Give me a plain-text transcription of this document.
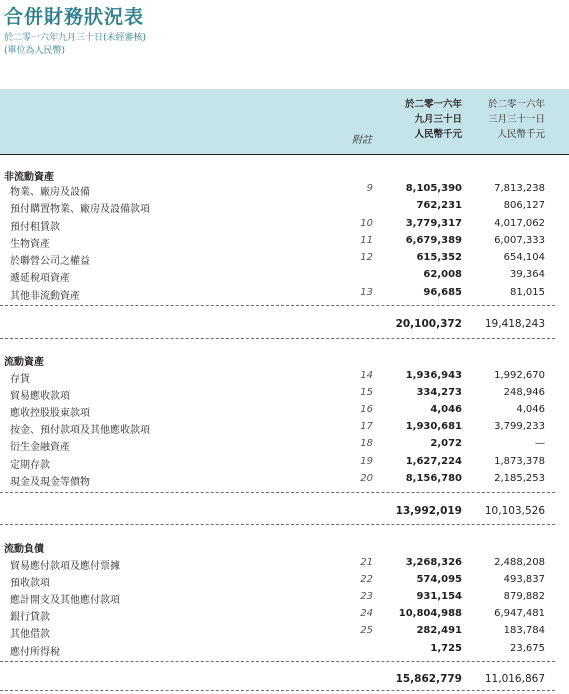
合併財務狀況表
於二零一六年九月三十日(未經審核)
(單位為人民幣)
附註
於二零一六年
九月三十日
人民幣千元
於二零一六年
三月三十一日
人民幣千元
非流動資產
物業、廠房及設備	9	8,105,390	7,813,238
預付購置物業、廠房及設備款項	762,231	806,127
預付租賃款	10	3,779,317	4,017,062
生物資產	11	6,679,389	6,007,333
於聯營公司之權益	12	615,352	654,104
遞延稅項資產	62,008	39,364
其他非流動資產	13	96,685	81,015
20,100,372 19,418,243
流動資產
存貨	14	1,936,943	1,992,670
貿易應收款項	15	334,273	248,946
應收控股股東款項	16	4,046	4,046
按金、預付款項及其他應收款項	17	1,930,681	3,799,233
衍生金融資產	18	2,072	—
定期存款	19	1,627,224	1,873,378
現金及現金等價物	20	8,156,780	2,185,253
13,992,019 10,103,526
流動負債
貿易應付款項及應付票據	21	3,268,326	2,488,208
預收款項	22	574,095	493,837
應計開支及其他應付款項	23	931,154	879,882
銀行貸款	24	10,804,988	6,947,481
其他借款	25	282,491	183,784
應付所得稅	1,725	23,675
15,862,779 11,016,867
